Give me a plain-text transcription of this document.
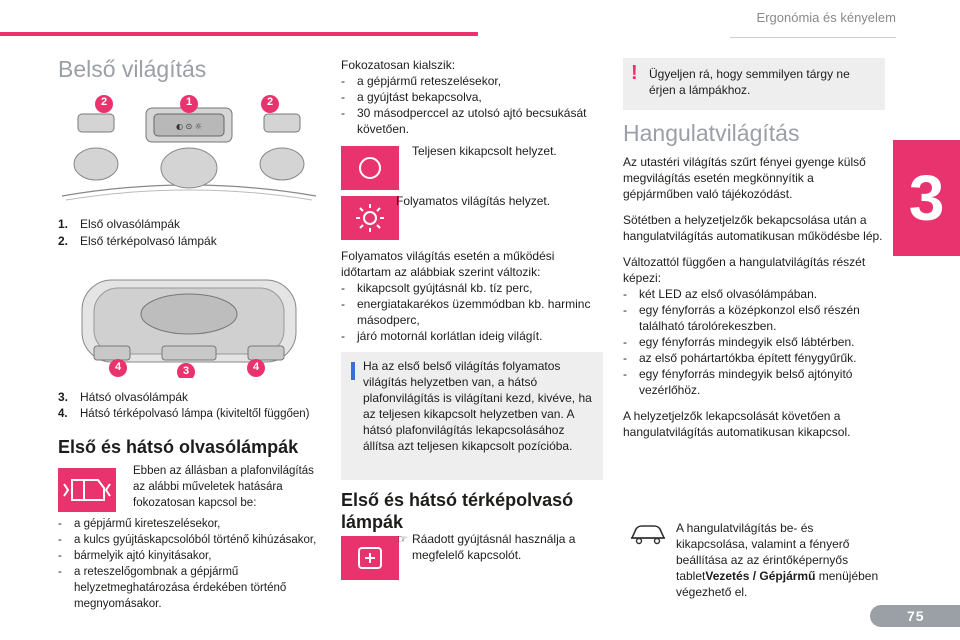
Ergonómia és kényelem
3
75
Belső világítás
◐ ⊙ ☼
2	1	2
1. Első olvasólámpák
2. Első térképolvasó lámpák
4	3	4
3. Hátsó olvasólámpák
4. Hátsó térképolvasó lámpa (kiviteltől függően)
Első és hátsó olvasólámpák
Ebben az állásban a plafonvilágítás az alábbi műveletek hatására fokozatosan kapcsol be:
- a gépjármű kireteszelésekor,
- a kulcs gyújtáskapcsolóból történő kihúzásakor,
- bármelyik ajtó kinyitásakor,
- a reteszelőgombnak a gépjármű helyzetmeghatározása érdekében történő megnyomásakor.

Fokozatosan kialszik:

- a gépjármű reteszelésekor,
- a gyújtást bekapcsolva,
- 30 másodperccel az utolsó ajtó becsukását követően.
Teljesen kikapcsolt helyzet.
Folyamatos világítás helyzet.

Folyamatos világítás esetén a működési időtartam az alábbiak szerint változik:

- kikapcsolt gyújtásnál kb. tíz perc,
- energiatakarékos üzemmódban kb. harminc másodperc,
- járó motornál korlátlan ideig világít.
Ha az első belső világítás folyamatos világítás helyzetben van, a hátsó plafonvilágítás is világítani kezd, kivéve, ha az teljesen kikapcsolt helyzetben van. A hátsó plafonvilágítás lekapcsolásához állítsa azt teljesen kikapcsolt pozícióba.
Első és hátsó térképolvasó lámpák
☞ Ráadott gyújtásnál használja a megfelelő kapcsolót.
! Ügyeljen rá, hogy semmilyen tárgy ne érjen a lámpákhoz.
Hangulatvilágítás

Az utastéri világítás szűrt fényei gyenge külső megvilágítás esetén megkönnyítik a gépjárműben való tájékozódást.

Sötétben a helyzetjelzők bekapcsolása után a hangulatvilágítás automatikusan működésbe lép.

Változattól függően a hangulatvilágítás részét képezi:

- két LED az első olvasólámpában.
- egy fényforrás a középkonzol első részén található tárolórekeszben.
- egy fényforrás mindegyik első lábtérben.
- az első pohártartókba épített fénygyűrűk.
- egy fényforrás mindegyik belső ajtónyitó vezérlőhöz.

A helyzetjelzők lekapcsolását követően a hangulatvilágítás automatikusan kikapcsol.

A hangulatvilágítás be- és kikapcsolása, valamint a fényerő beállítása az az érintőképernyős tabletVezetés / Gépjármű menüjében végezhető el.
